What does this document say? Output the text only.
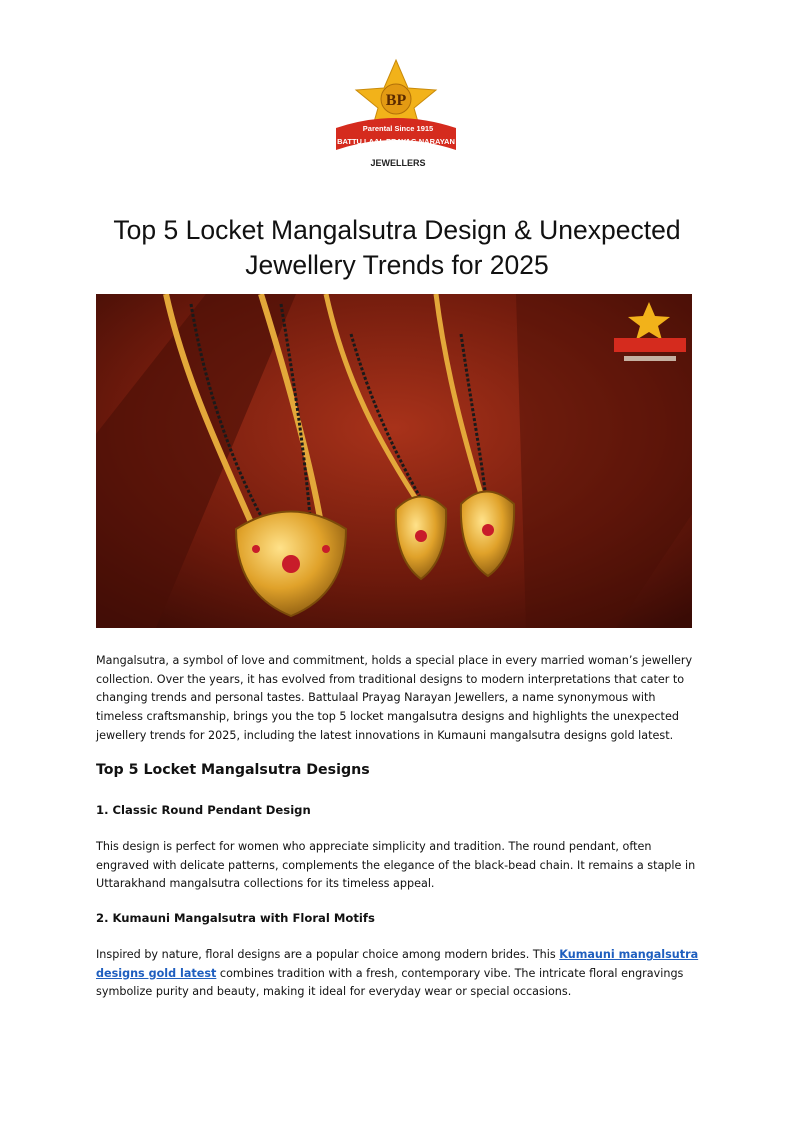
BP
Parental Since 1915
BATTU LAAL PRAYAG NARAYAN
JEWELLERS
Top 5 Locket Mangalsutra Design & Unexpected
Jewellery Trends for 2025

Mangalsutra, a symbol of love and commitment, holds a special place in every married woman’s jewellery collection. Over the years, it has evolved from traditional designs to modern interpretations that cater to changing trends and personal tastes. Battulaal Prayag Narayan Jewellers, a name synonymous with timeless craftsmanship, brings you the top 5 locket mangalsutra designs and highlights the unexpected jewellery trends for 2025, including the latest innovations in Kumauni mangalsutra designs gold latest.

Top 5 Locket Mangalsutra Designs
1. Classic Round Pendant Design

This design is perfect for women who appreciate simplicity and tradition. The round pendant, often engraved with delicate patterns, complements the elegance of the black-bead chain. It remains a staple in Uttarakhand mangalsutra collections for its timeless appeal.

2. Kumauni Mangalsutra with Floral Motifs

Inspired by nature, floral designs are a popular choice among modern brides. This Kumauni mangalsutra designs gold latest combines tradition with a fresh, contemporary vibe. The intricate floral engravings symbolize purity and beauty, making it ideal for everyday wear or special occasions.
